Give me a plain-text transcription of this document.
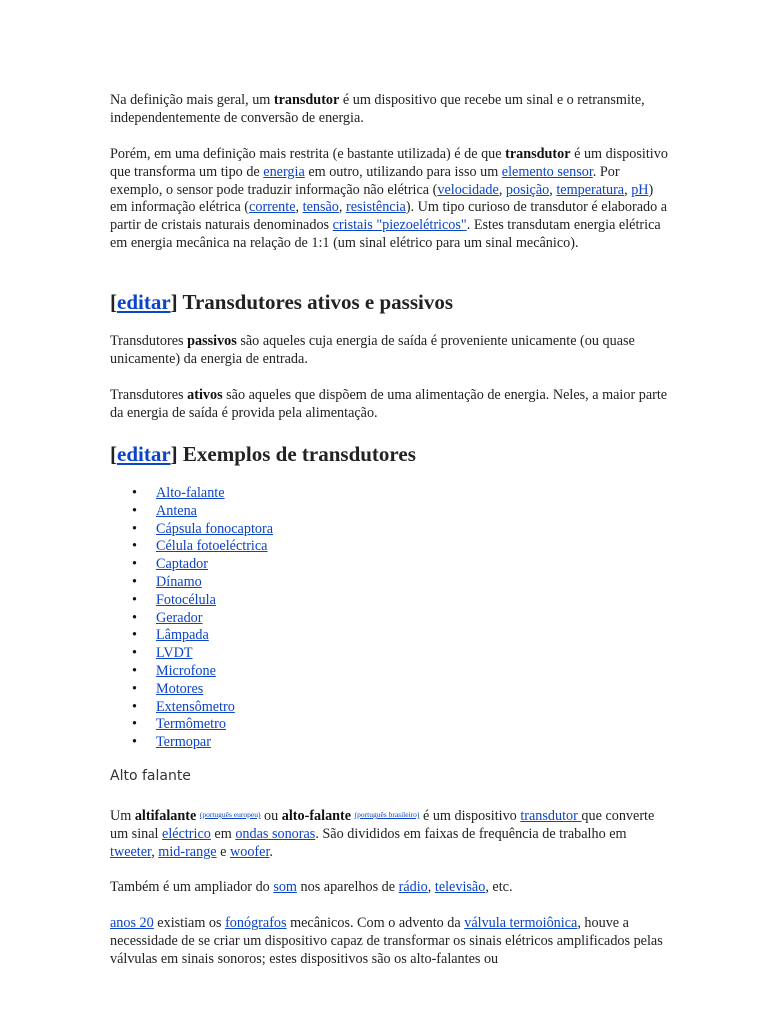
Na definição mais geral, um transdutor é um dispositivo que recebe um sinal e o retransmite, independentemente de conversão de energia.

Porém, em uma definição mais restrita (e bastante utilizada) é de que transdutor é um dispositivo que transforma um tipo de energia em outro, utilizando para isso um elemento sensor. Por exemplo, o sensor pode traduzir informação não elétrica (velocidade, posição, temperatura, pH) em informação elétrica (corrente, tensão, resistência). Um tipo curioso de transdutor é elaborado a partir de cristais naturais denominados cristais "piezoelétricos". Estes transdutam energia elétrica em energia mecânica na relação de 1:1 (um sinal elétrico para um sinal mecânico).

[editar] Transdutores ativos e passivos

Transdutores passivos são aqueles cuja energia de saída é proveniente unicamente (ou quase unicamente) da energia de entrada.

Transdutores ativos são aqueles que dispõem de uma alimentação de energia. Neles, a maior parte da energia de saída é provida pela alimentação.

[editar] Exemplos de transdutores
• Alto-falante
• Antena
• Cápsula fonocaptora
• Célula fotoeléctrica
• Captador
• Dínamo
• Fotocélula
• Gerador
• Lâmpada
• LVDT
• Microfone
• Motores
• Extensômetro
• Termômetro
• Termopar

Alto falante

Um altifalante $^{(português europeu)}$ ou alto-falante $^{(português brasileiro)}$ é um dispositivo transdutor que converte um sinal eléctrico em ondas sonoras. São divididos em faixas de frequência de trabalho em tweeter, mid-range e woofer.

Também é um ampliador do som nos aparelhos de rádio, televisão, etc.

anos 20 existiam os fonógrafos mecânicos. Com o advento da válvula termoiônica, houve a necessidade de se criar um dispositivo capaz de transformar os sinais elétricos amplificados pelas válvulas em sinais sonoros; estes dispositivos são os alto-falantes ou
